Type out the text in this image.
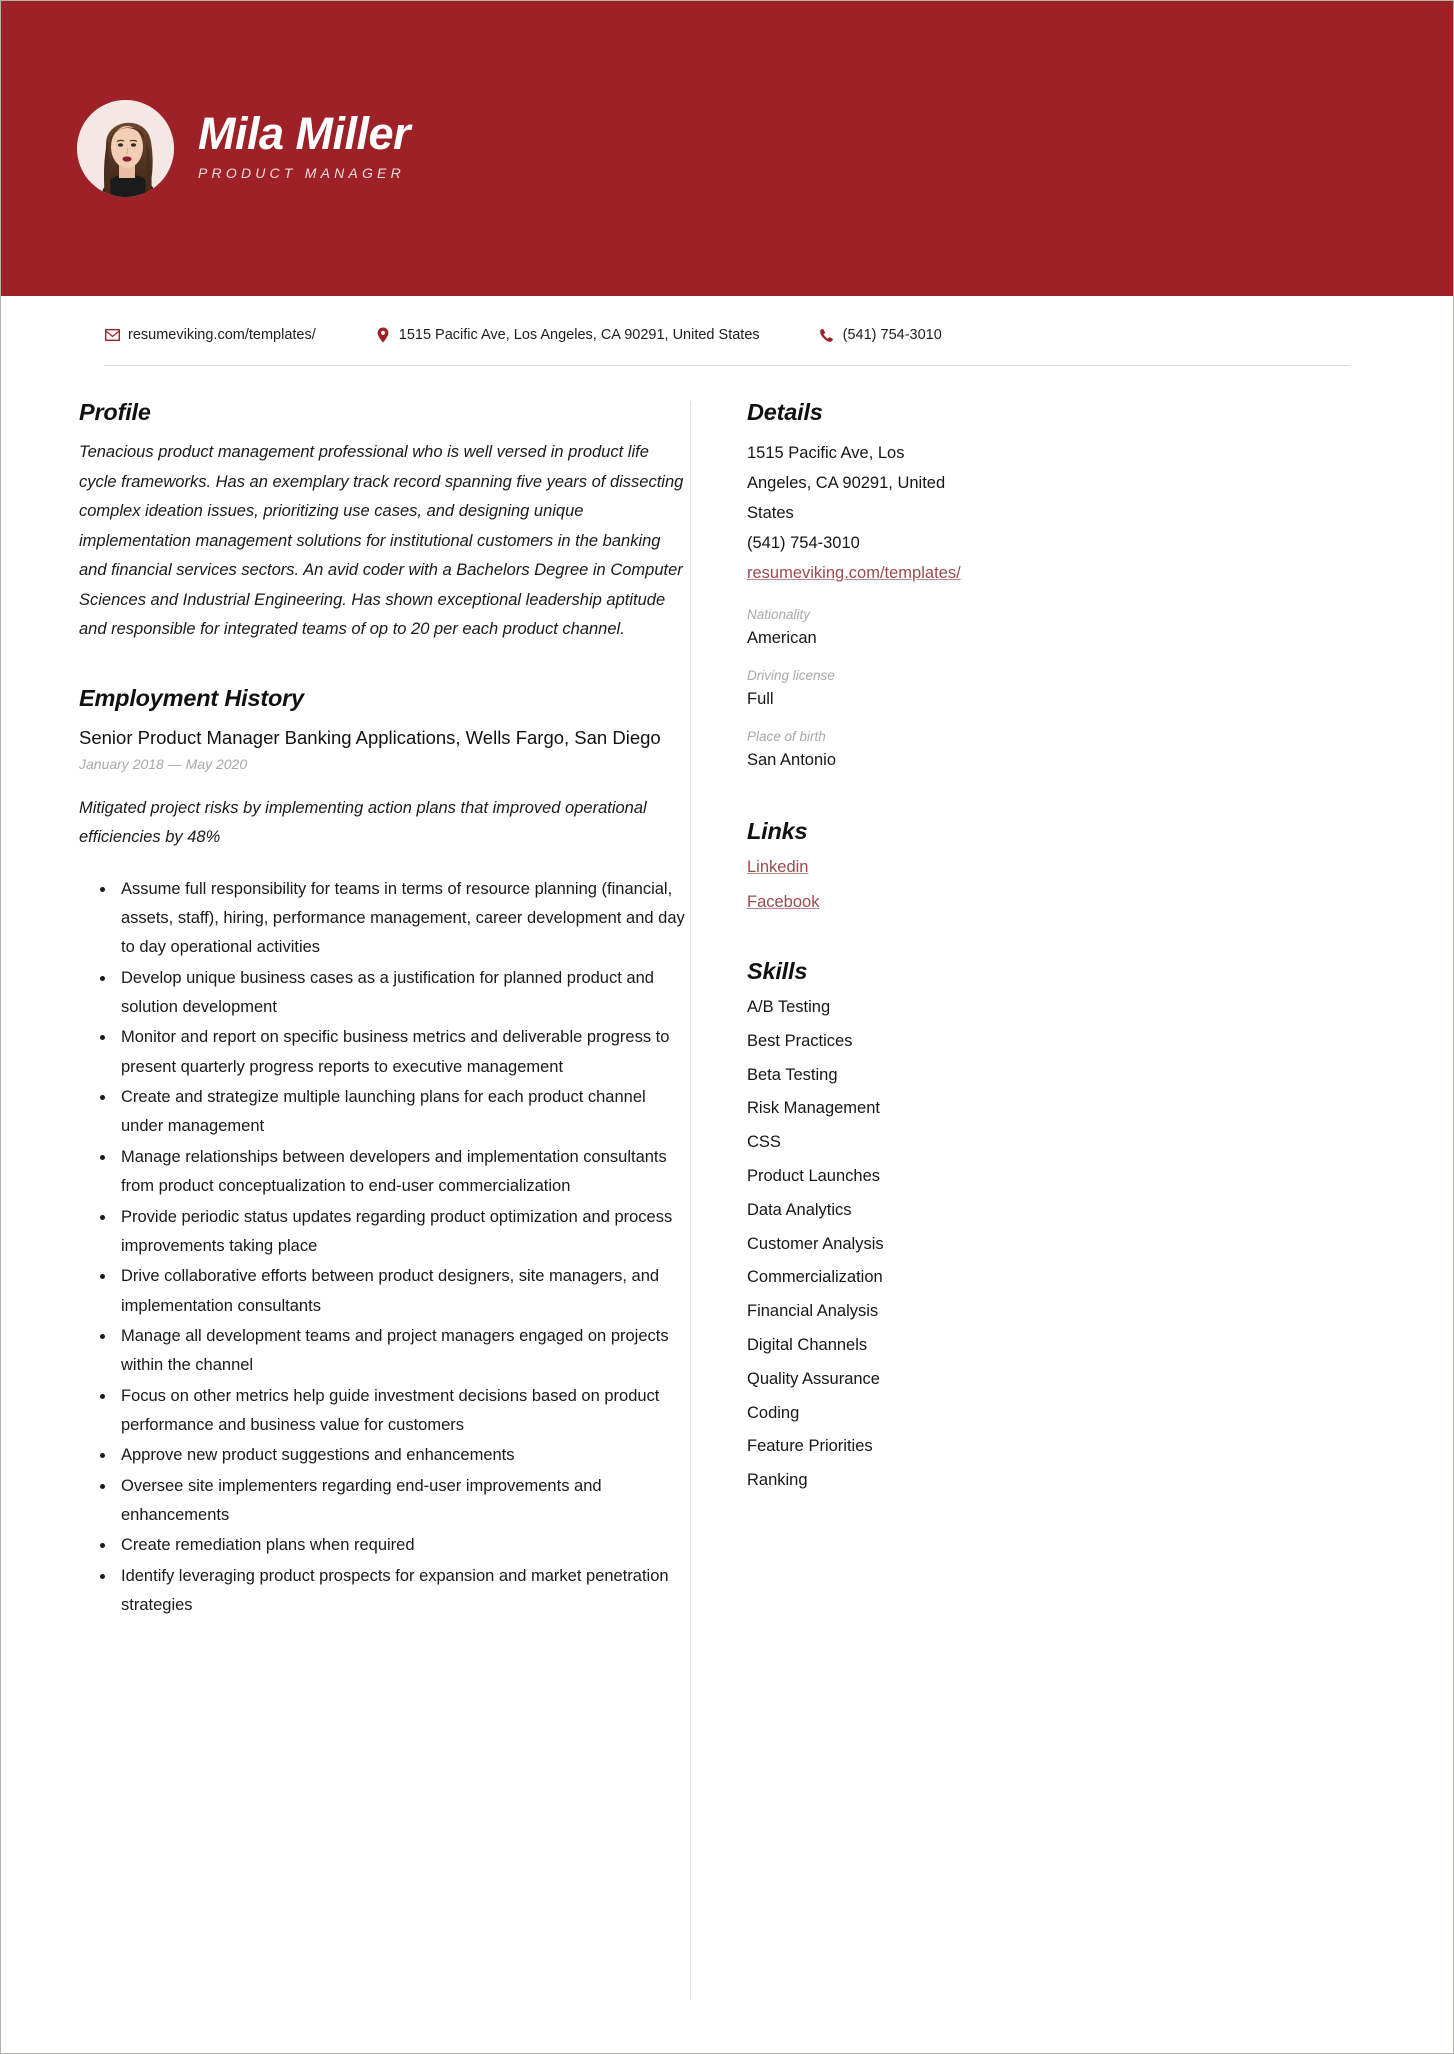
Mila Miller
PRODUCT MANAGER
resumeviking.com/templates/	1515 Pacific Ave, Los Angeles, CA 90291, United States	(541) 754-3010
Profile
Tenacious product management professional who is well versed in product life cycle frameworks. Has an exemplary track record spanning five years of dissecting complex ideation issues, prioritizing use cases, and designing unique implementation management solutions for institutional customers in the banking and financial services sectors. An avid coder with a Bachelors Degree in Computer Sciences and Industrial Engineering. Has shown exceptional leadership aptitude and responsible for integrated teams of op to 20 per each product channel.
Employment History
Senior Product Manager Banking Applications, Wells Fargo, San Diego
January 2018 — May 2020
Mitigated project risks by implementing action plans that improved operational efficiencies by 48%
Assume full responsibility for teams in terms of resource planning (financial, assets, staff), hiring, performance management, career development and day to day operational activities
Develop unique business cases as a justification for planned product and solution development
Monitor and report on specific business metrics and deliverable progress to present quarterly progress reports to executive management
Create and strategize multiple launching plans for each product channel under management
Manage relationships between developers and implementation consultants from product conceptualization to end-user commercialization
Provide periodic status updates regarding product optimization and process improvements taking place
Drive collaborative efforts between product designers, site managers, and implementation consultants
Manage all development teams and project managers engaged on projects within the channel
Focus on other metrics help guide investment decisions based on product performance and business value for customers
Approve new product suggestions and enhancements
Oversee site implementers regarding end-user improvements and enhancements
Create remediation plans when required
Identify leveraging product prospects for expansion and market penetration strategies
Details
1515 Pacific Ave, Los
Angeles, CA 90291, United
States
(541) 754-3010
resumeviking.com/templates/
Nationality
American
Driving license
Full
Place of birth
San Antonio
Links
Linkedin
Facebook
Skills
A/B Testing
Best Practices
Beta Testing
Risk Management
CSS
Product Launches
Data Analytics
Customer Analysis
Commercialization
Financial Analysis
Digital Channels
Quality Assurance
Coding
Feature Priorities
Ranking
